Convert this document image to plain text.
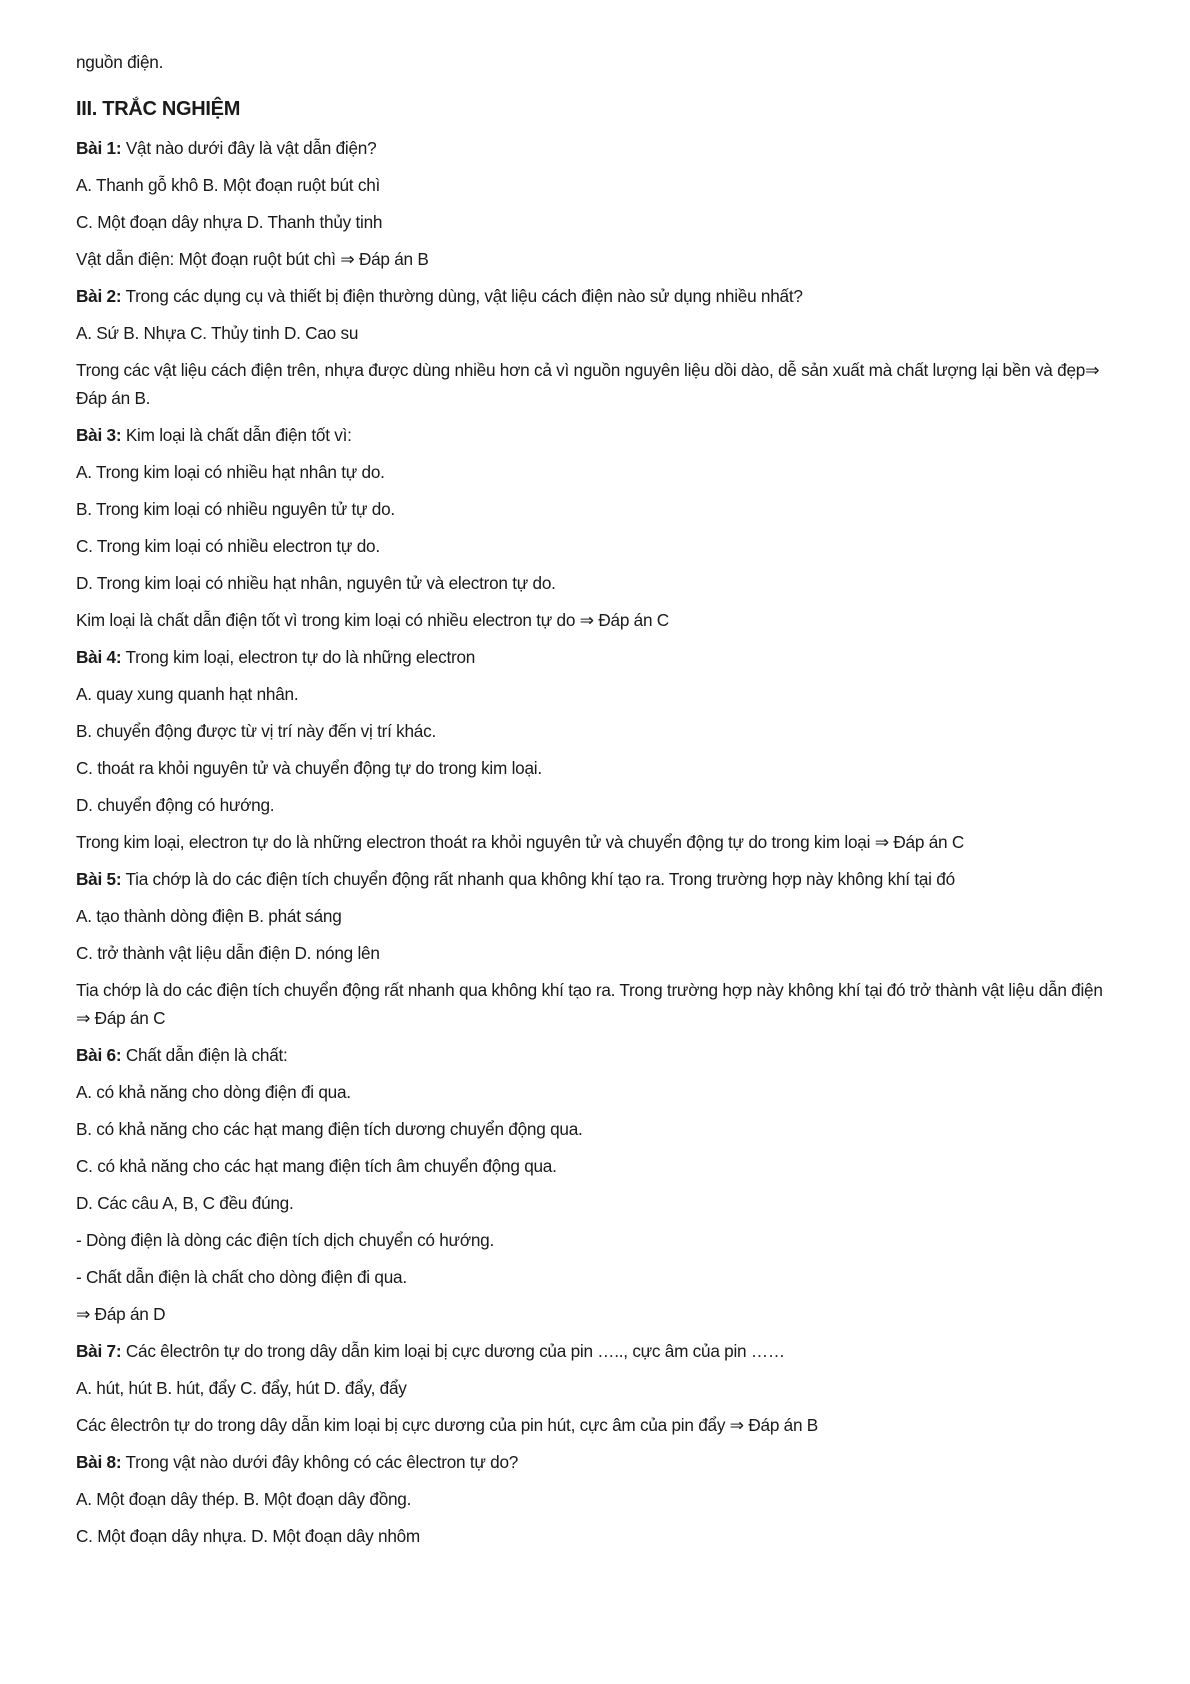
nguồn điện.

III. TRẮC NGHIỆM

Bài 1: Vật nào dưới đây là vật dẫn điện?

A. Thanh gỗ khô B. Một đoạn ruột bút chì

C. Một đoạn dây nhựa D. Thanh thủy tinh

Vật dẫn điện: Một đoạn ruột bút chì ⇒ Đáp án B

Bài 2: Trong các dụng cụ và thiết bị điện thường dùng, vật liệu cách điện nào sử dụng nhiều nhất?

A. Sứ B. Nhựa C. Thủy tinh D. Cao su

Trong các vật liệu cách điện trên, nhựa được dùng nhiều hơn cả vì nguồn nguyên liệu dồi dào, dễ sản xuất mà chất lượng lại bền và đẹp⇒ Đáp án B.

Bài 3: Kim loại là chất dẫn điện tốt vì:

A. Trong kim loại có nhiều hạt nhân tự do.

B. Trong kim loại có nhiều nguyên tử tự do.

C. Trong kim loại có nhiều electron tự do.

D. Trong kim loại có nhiều hạt nhân, nguyên tử và electron tự do.

Kim loại là chất dẫn điện tốt vì trong kim loại có nhiều electron tự do ⇒ Đáp án C

Bài 4: Trong kim loại, electron tự do là những electron

A. quay xung quanh hạt nhân.

B. chuyển động được từ vị trí này đến vị trí khác.

C. thoát ra khỏi nguyên tử và chuyển động tự do trong kim loại.

D. chuyển động có hướng.

Trong kim loại, electron tự do là những electron thoát ra khỏi nguyên tử và chuyển động tự do trong kim loại ⇒ Đáp án C

Bài 5: Tia chớp là do các điện tích chuyển động rất nhanh qua không khí tạo ra. Trong trường hợp này không khí tại đó

A. tạo thành dòng điện B. phát sáng

C. trở thành vật liệu dẫn điện D. nóng lên

Tia chớp là do các điện tích chuyển động rất nhanh qua không khí tạo ra. Trong trường hợp này không khí tại đó trở thành vật liệu dẫn điện ⇒ Đáp án C

Bài 6: Chất dẫn điện là chất:

A. có khả năng cho dòng điện đi qua.

B. có khả năng cho các hạt mang điện tích dương chuyển động qua.

C. có khả năng cho các hạt mang điện tích âm chuyển động qua.

D. Các câu A, B, C đều đúng.

- Dòng điện là dòng các điện tích dịch chuyển có hướng.

- Chất dẫn điện là chất cho dòng điện đi qua.

⇒ Đáp án D

Bài 7: Các êlectrôn tự do trong dây dẫn kim loại bị cực dương của pin ….., cực âm của pin ……

A. hút, hút B. hút, đẩy C. đẩy, hút D. đẩy, đẩy

Các êlectrôn tự do trong dây dẫn kim loại bị cực dương của pin hút, cực âm của pin đẩy ⇒ Đáp án B

Bài 8: Trong vật nào dưới đây không có các êlectron tự do?

A. Một đoạn dây thép. B. Một đoạn dây đồng.

C. Một đoạn dây nhựa. D. Một đoạn dây nhôm
